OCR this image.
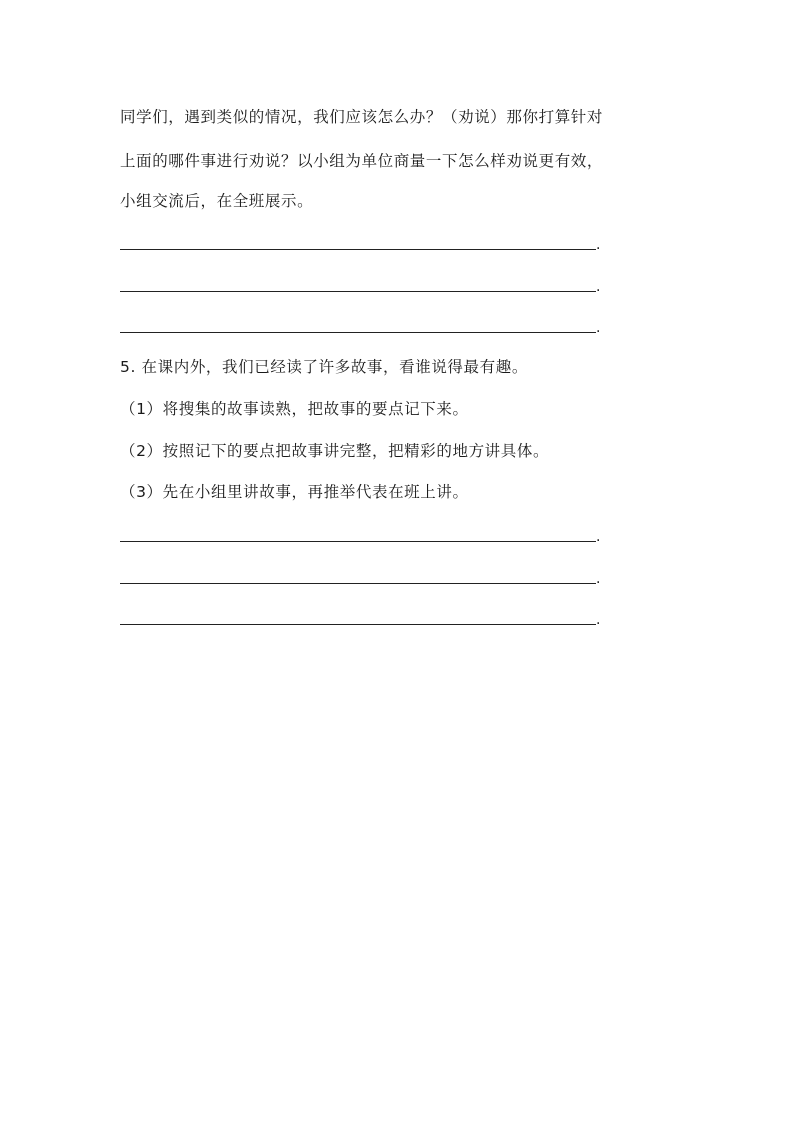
同学们，遇到类似的情况，我们应该怎么办？（劝说）那你打算针对
上面的哪件事进行劝说？以小组为单位商量一下怎么样劝说更有效，
小组交流后，在全班展示。
.
.
.
5. 在课内外，我们已经读了许多故事，看谁说得最有趣。
（1）将搜集的故事读熟，把故事的要点记下来。
（2）按照记下的要点把故事讲完整，把精彩的地方讲具体。
（3）先在小组里讲故事，再推举代表在班上讲。
.
.
.
